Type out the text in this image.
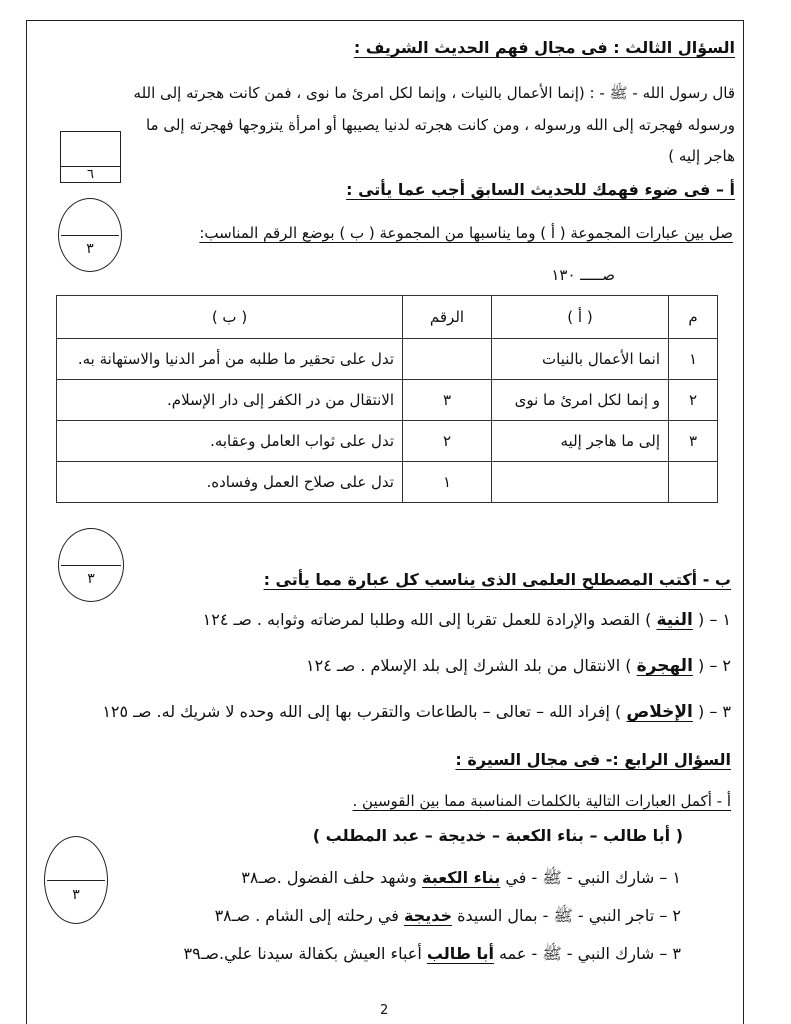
السؤال الثالث : فى مجال فهم الحديث الشريف :
قال رسول الله - ﷺ - : (إنما الأعمال بالنيات ، وإنما لكل امرئ ما نوى ، فمن كانت هجرته إلى الله
ورسوله فهجرته إلى الله ورسوله ، ومن كانت هجرته لدنيا يصيبها أو امرأة يتزوجها فهجرته إلى ما
هاجر إليه )
٦
أ – فى ضوء فهمك للحديث السابق أجب عما يأتى :
٣
صل بين عبارات المجموعة ( أ ) وما يناسبها من المجموعة ( ب ) بوضع الرقم المناسب:
صـــــ ١٣٠
م	( أ )	الرقم	( ب )
١	انما الأعمال بالنيات		تدل على تحقير ما طلبه من أمر الدنيا والاستهانة به.
٢	و إنما لكل امرئ ما نوى	٣	الانتقال من در الكفر إلى دار الإسلام.
٣	إلى ما هاجر إليه	٢	تدل على ثواب العامل وعقابه.
		١	تدل على صلاح العمل وفساده.
٣	ب - أكتب المصطلح العلمى الذى يناسب كل عبارة مما يأتى :
١ – ( النية ) القصد والإرادة للعمل تقربا إلى الله وطلبا لمرضاته وثوابه . صـ ١٢٤
٢ – ( الهجرة ) الانتقال من بلد الشرك إلى بلد الإسلام . صـ ١٢٤
٣ – ( الإخلاص ) إفراد الله – تعالى – بالطاعات والتقرب بها إلى الله وحده لا شريك له. صـ ١٢٥
السؤال الرابع :- فى مجال السيرة :
أ - أكمل العبارات التالية بالكلمات المناسبة مما بين القوسين .
( أبا طالب – بناء الكعبة – خديجة – عبد المطلب )
٣
١ – شارك النبي - ﷺ - في بناء الكعبة وشهد حلف الفضول .صـ٣٨
٢ – تاجر النبي - ﷺ - بمال السيدة خديجة في رحلته إلى الشام . صـ٣٨
٣ – شارك النبي - ﷺ - عمه أبا طالب أعباء العيش بكفالة سيدنا علي.صـ٣٩
2
